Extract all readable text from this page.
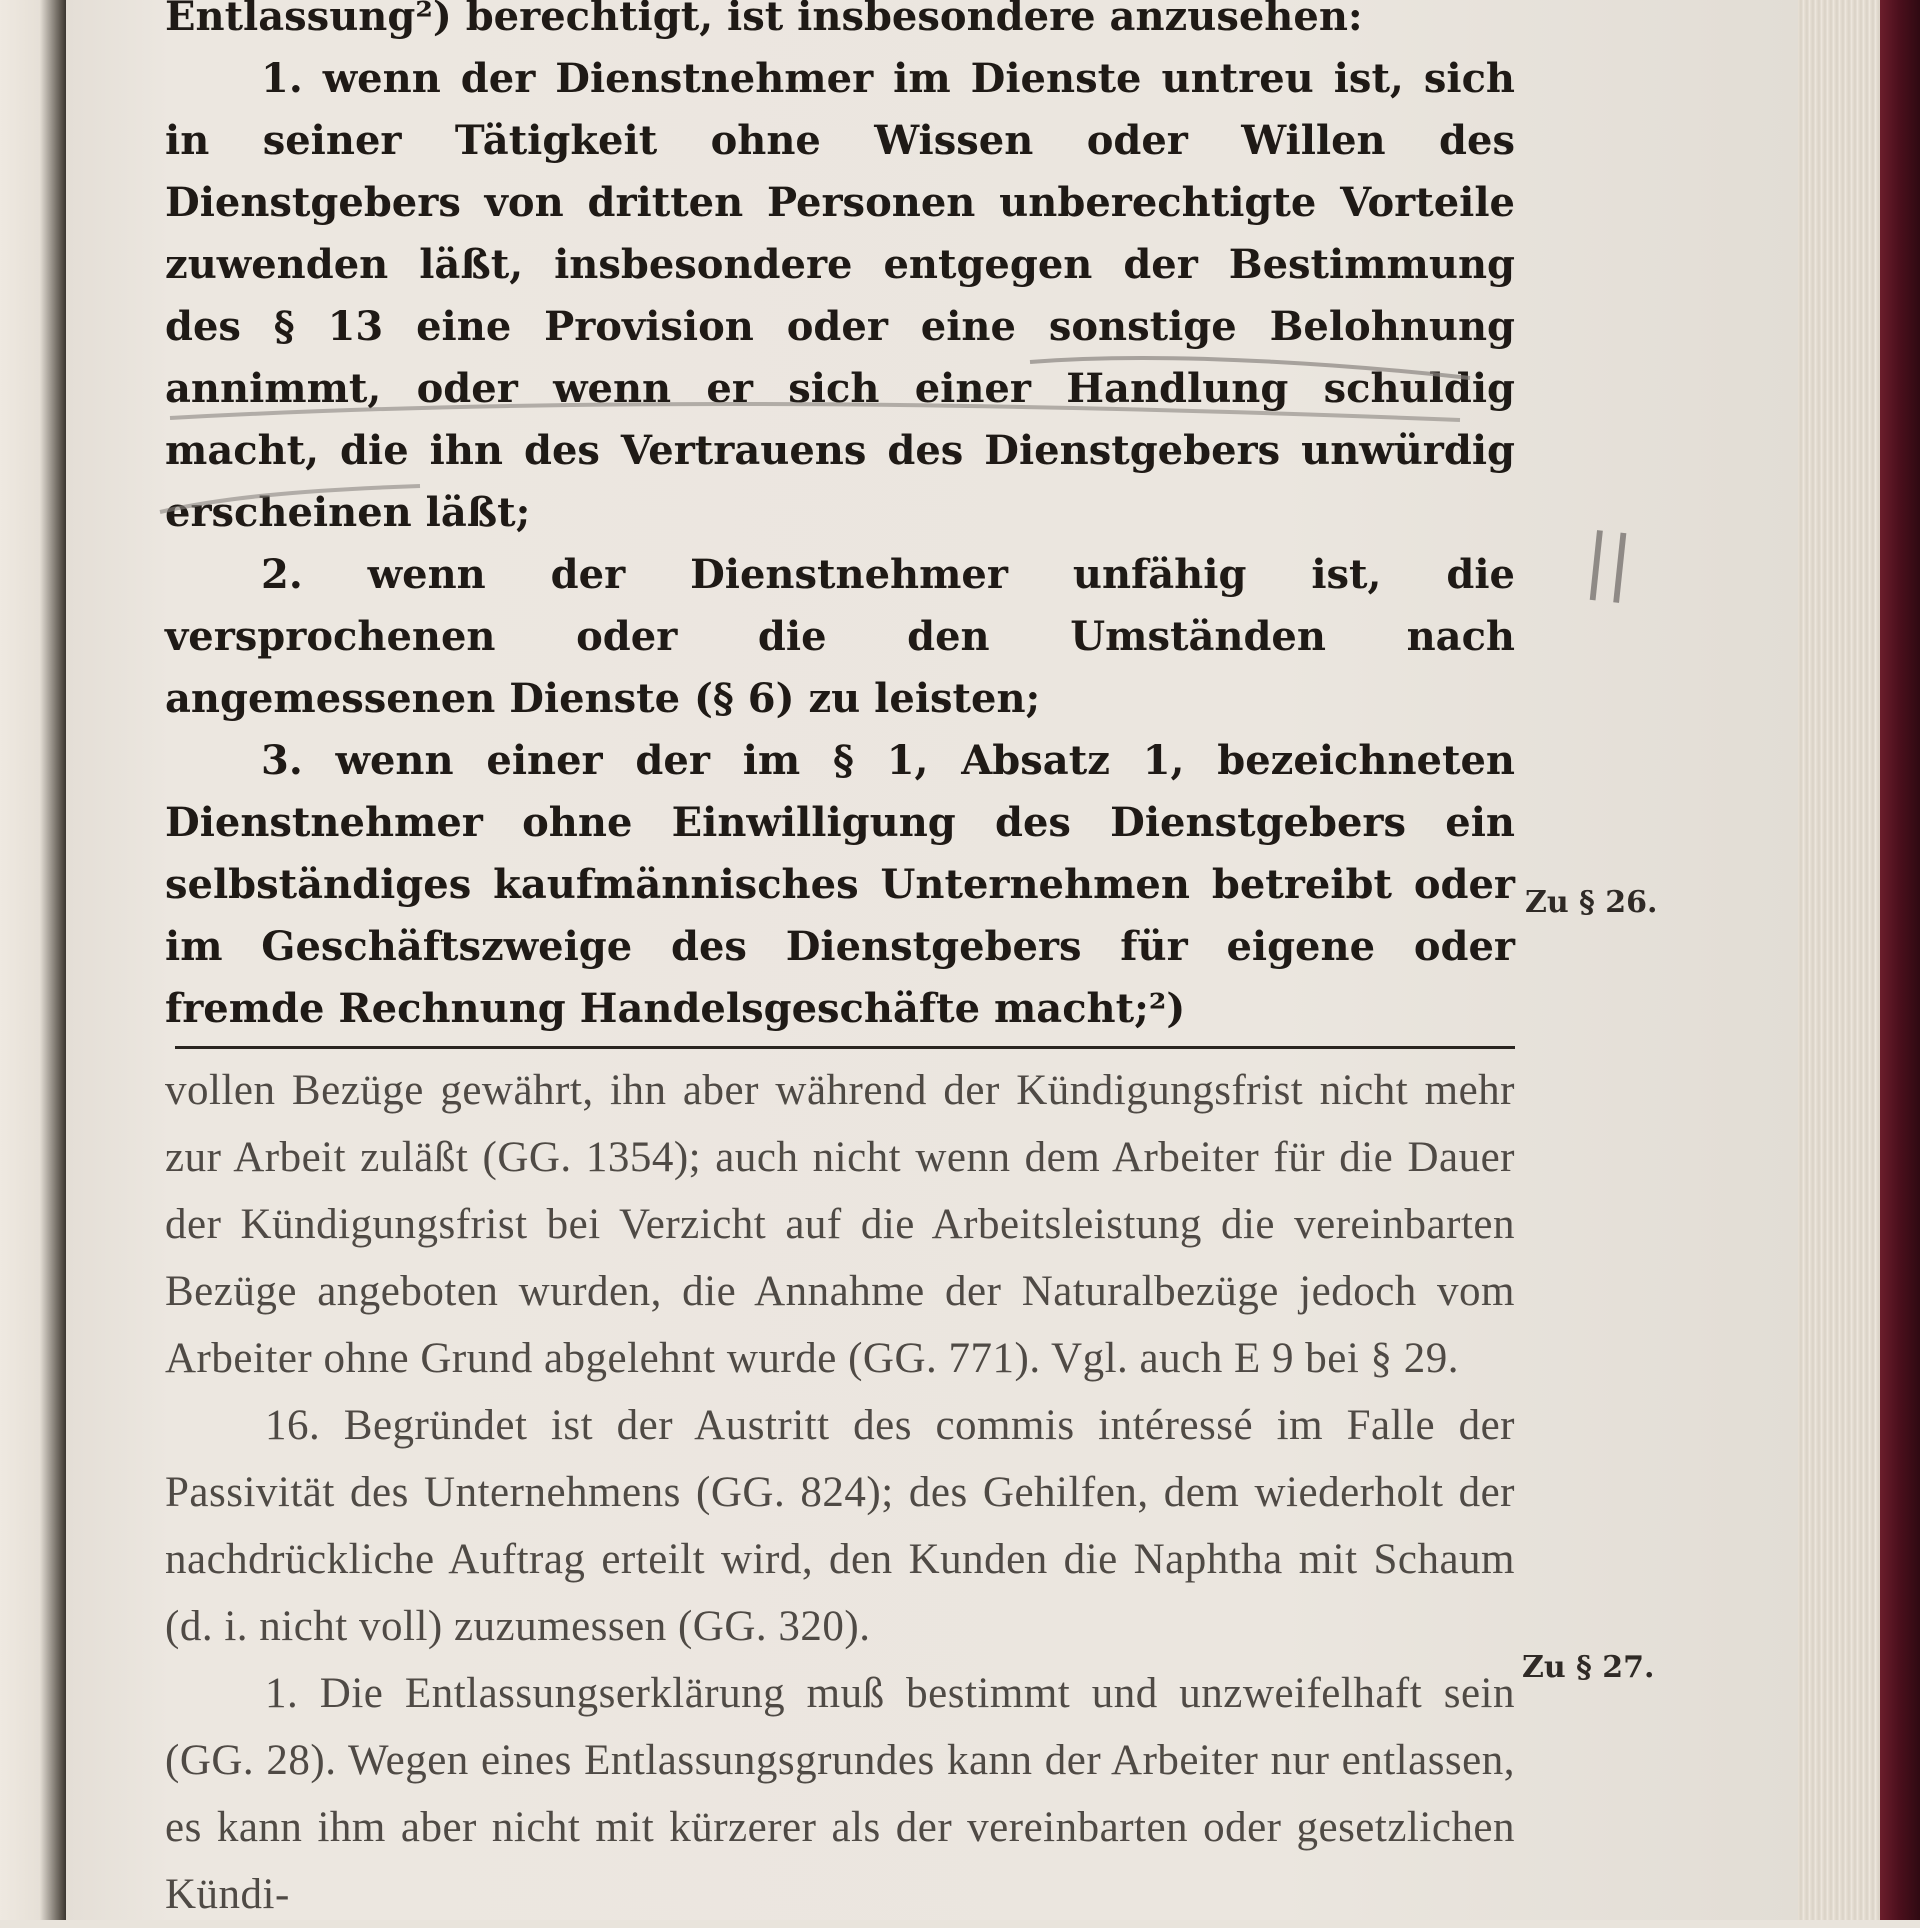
Entlassung²) berechtigt, ist insbesondere anzusehen:

1. wenn der Dienstnehmer im Dienste untreu ist, sich in seiner Tätigkeit ohne Wissen oder Willen des Dienstgebers von dritten Personen unberechtigte Vorteile zuwenden läßt, insbesondere entgegen der Bestimmung des § 13 eine Provision oder eine sonstige Belohnung annimmt, oder wenn er sich einer Handlung schuldig macht, die ihn des Vertrauens des Dienstgebers unwürdig erscheinen läßt;

2. wenn der Dienstnehmer unfähig ist, die versprochenen oder die den Umständen nach angemessenen Dienste (§ 6) zu leisten;

3. wenn einer der im § 1, Absatz 1, bezeichneten Dienstnehmer ohne Einwilligung des Dienstgebers ein selbständiges kaufmännisches Unternehmen betreibt oder im Geschäftszweige des Dienstgebers für eigene oder fremde Rechnung Handelsgeschäfte macht;²)

vollen Bezüge gewährt, ihn aber während der Kündigungsfrist nicht mehr zur Arbeit zuläßt (GG. 1354); auch nicht wenn dem Arbeiter für die Dauer der Kündigungsfrist bei Verzicht auf die Arbeitsleistung die vereinbarten Bezüge angeboten wurden, die Annahme der Naturalbezüge jedoch vom Arbeiter ohne Grund abgelehnt wurde (GG. 771). Vgl. auch E 9 bei § 29.

16. Begründet ist der Austritt des commis intéressé im Falle der Passivität des Unternehmens (GG. 824); des Gehilfen, dem wiederholt der nachdrückliche Auftrag erteilt wird, den Kunden die Naphtha mit Schaum (d. i. nicht voll) zuzumessen (GG. 320).

1. Die Entlassungserklärung muß bestimmt und unzweifelhaft sein (GG. 28). Wegen eines Entlassungsgrundes kann der Arbeiter nur entlassen, es kann ihm aber nicht mit kürzerer als der vereinbarten oder gesetzlichen Kündi-

Zu § 26.
Zu § 27.
||
